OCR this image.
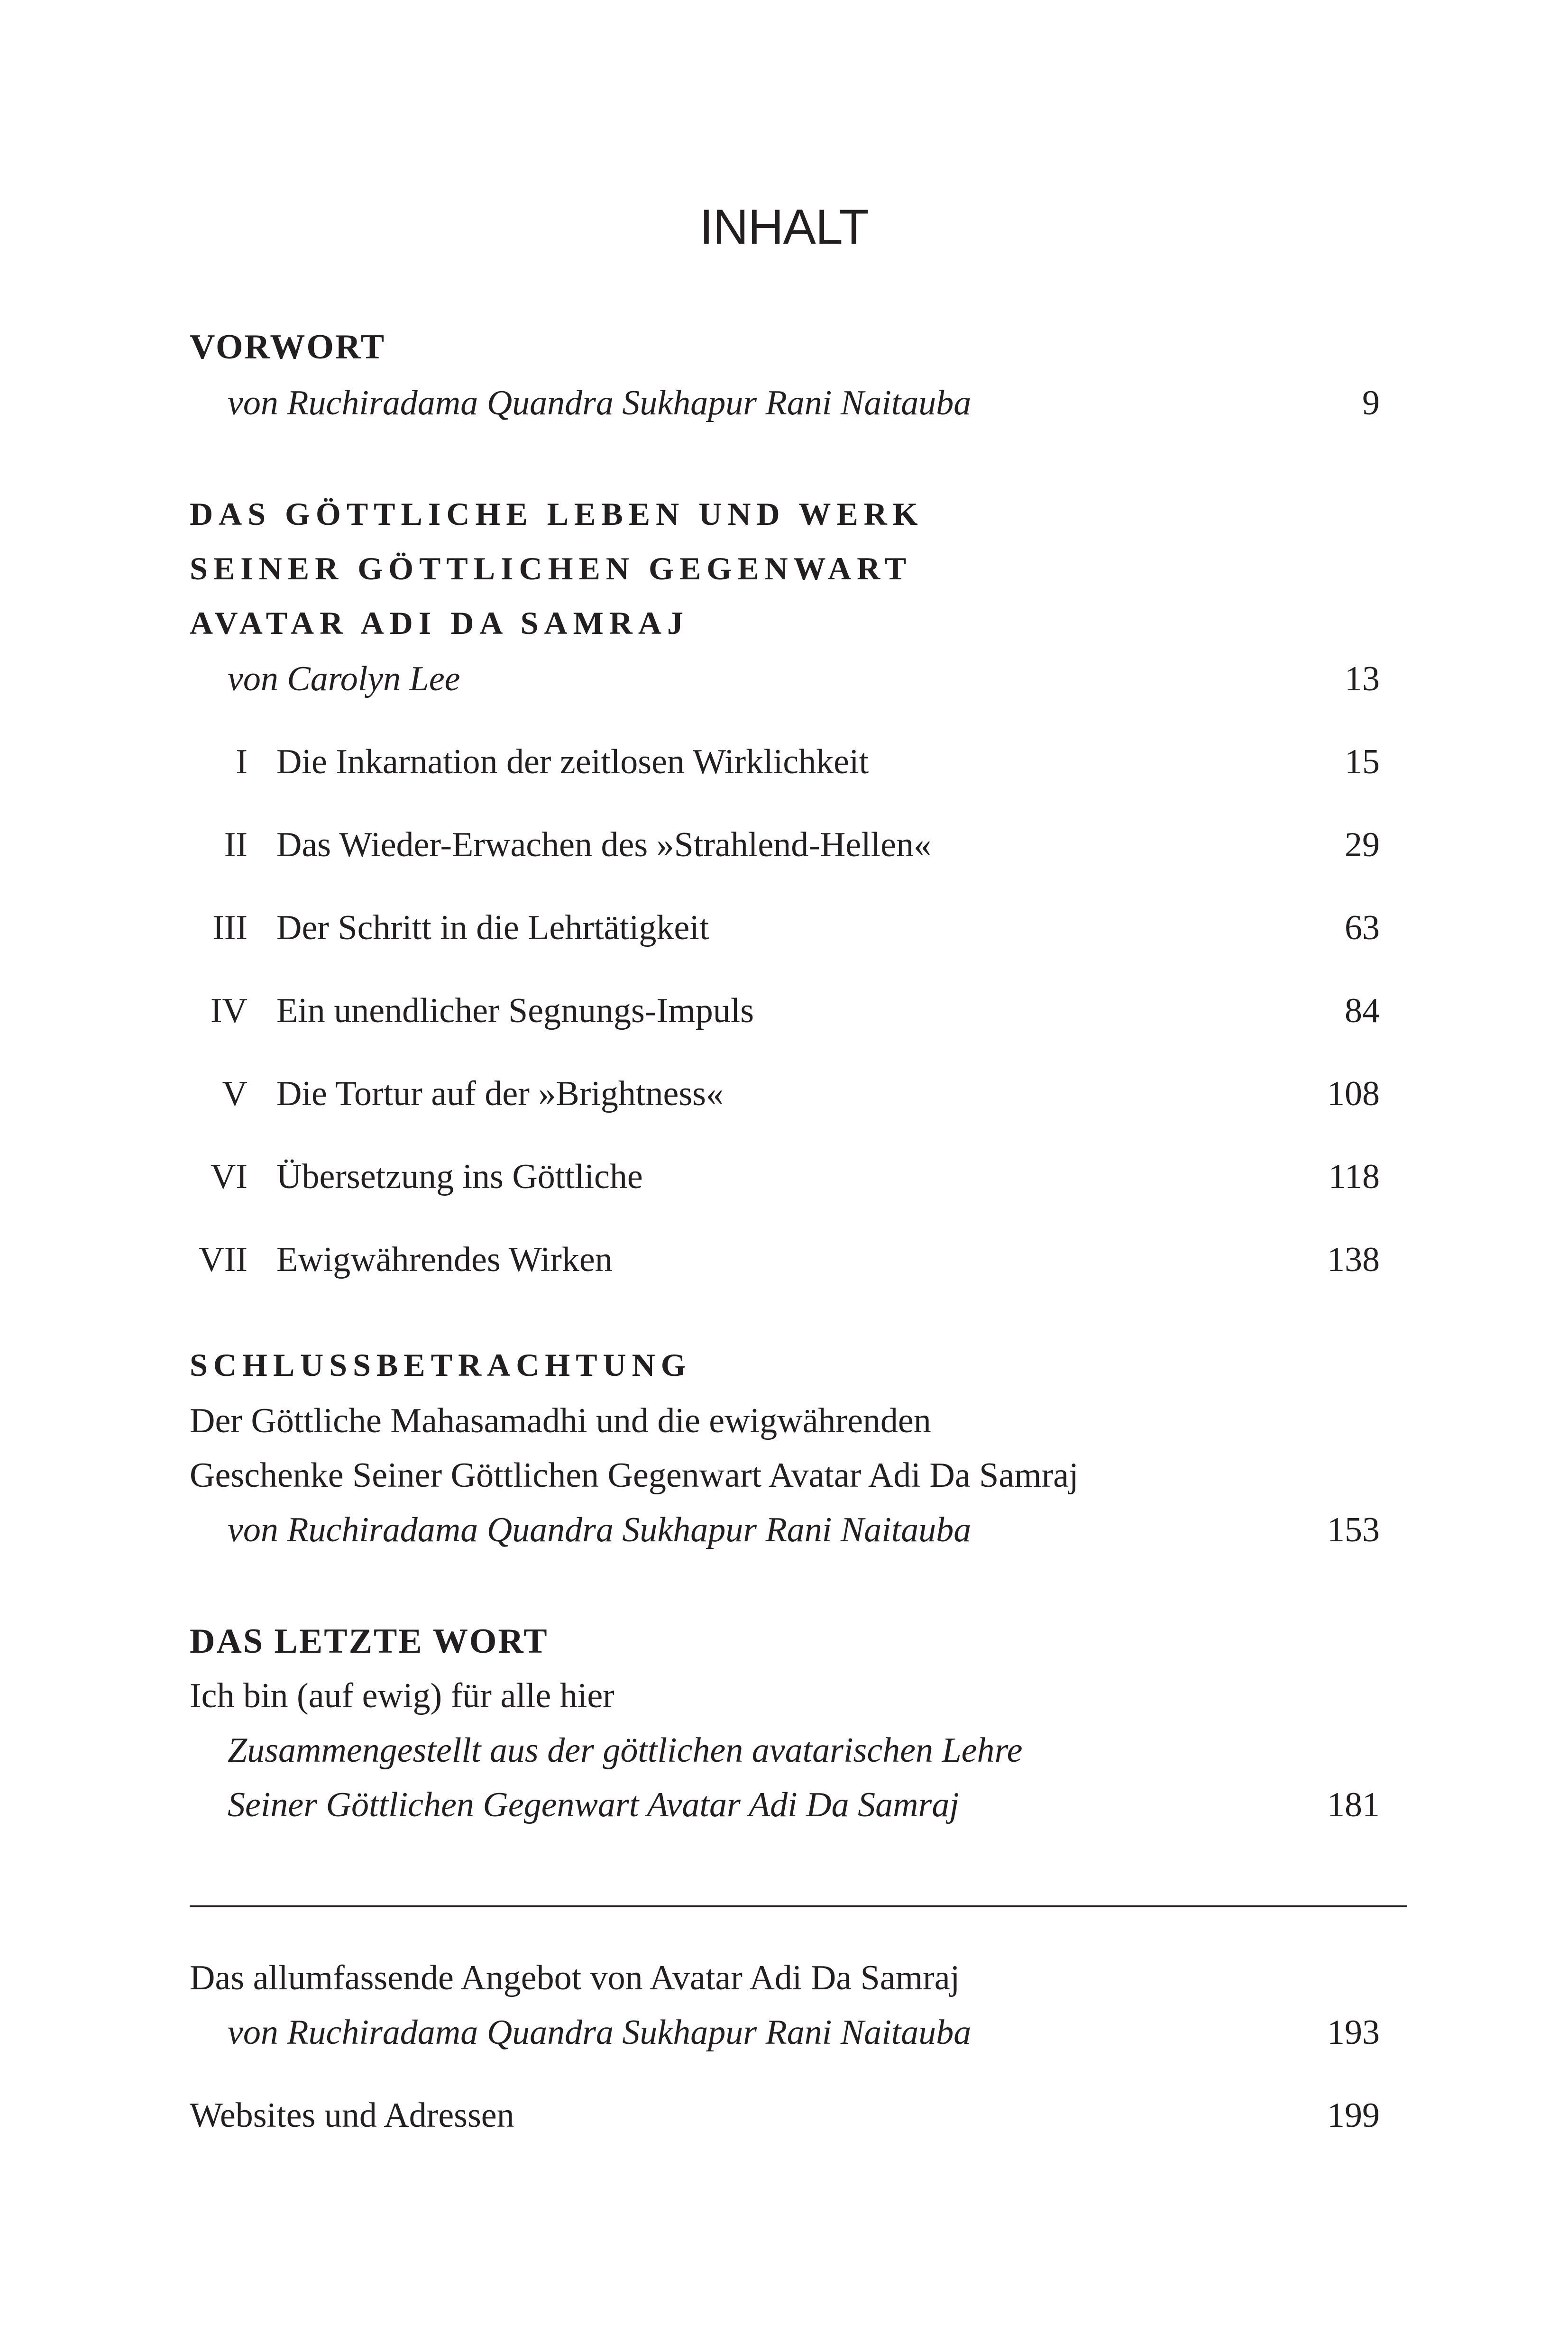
INHALT
VORWORT
von Ruchiradama Quandra Sukhapur Rani Naitauba	9
DAS GÖTTLICHE LEBEN UND WERK
SEINER GÖTTLICHEN GEGENWART
AVATAR ADI DA SAMRAJ
von Carolyn Lee	13
I Die Inkarnation der zeitlosen Wirklichkeit	15
II Das Wieder-Erwachen des »Strahlend-Hellen«	29
III Der Schritt in die Lehrtätigkeit	63
IV Ein unendlicher Segnungs-Impuls	84
V Die Tortur auf der »Brightness«	108
VI Übersetzung ins Göttliche	118
VII Ewigwährendes Wirken	138
SCHLUSSBETRACHTUNG
Der Göttliche Mahasamadhi und die ewigwährenden
Geschenke Seiner Göttlichen Gegenwart Avatar Adi Da Samraj
von Ruchiradama Quandra Sukhapur Rani Naitauba	153
DAS LETZTE WORT
Ich bin (auf ewig) für alle hier
Zusammengestellt aus der göttlichen avatarischen Lehre
Seiner Göttlichen Gegenwart Avatar Adi Da Samraj	181
Das allumfassende Angebot von Avatar Adi Da Samraj
von Ruchiradama Quandra Sukhapur Rani Naitauba	193
Websites und Adressen	199
